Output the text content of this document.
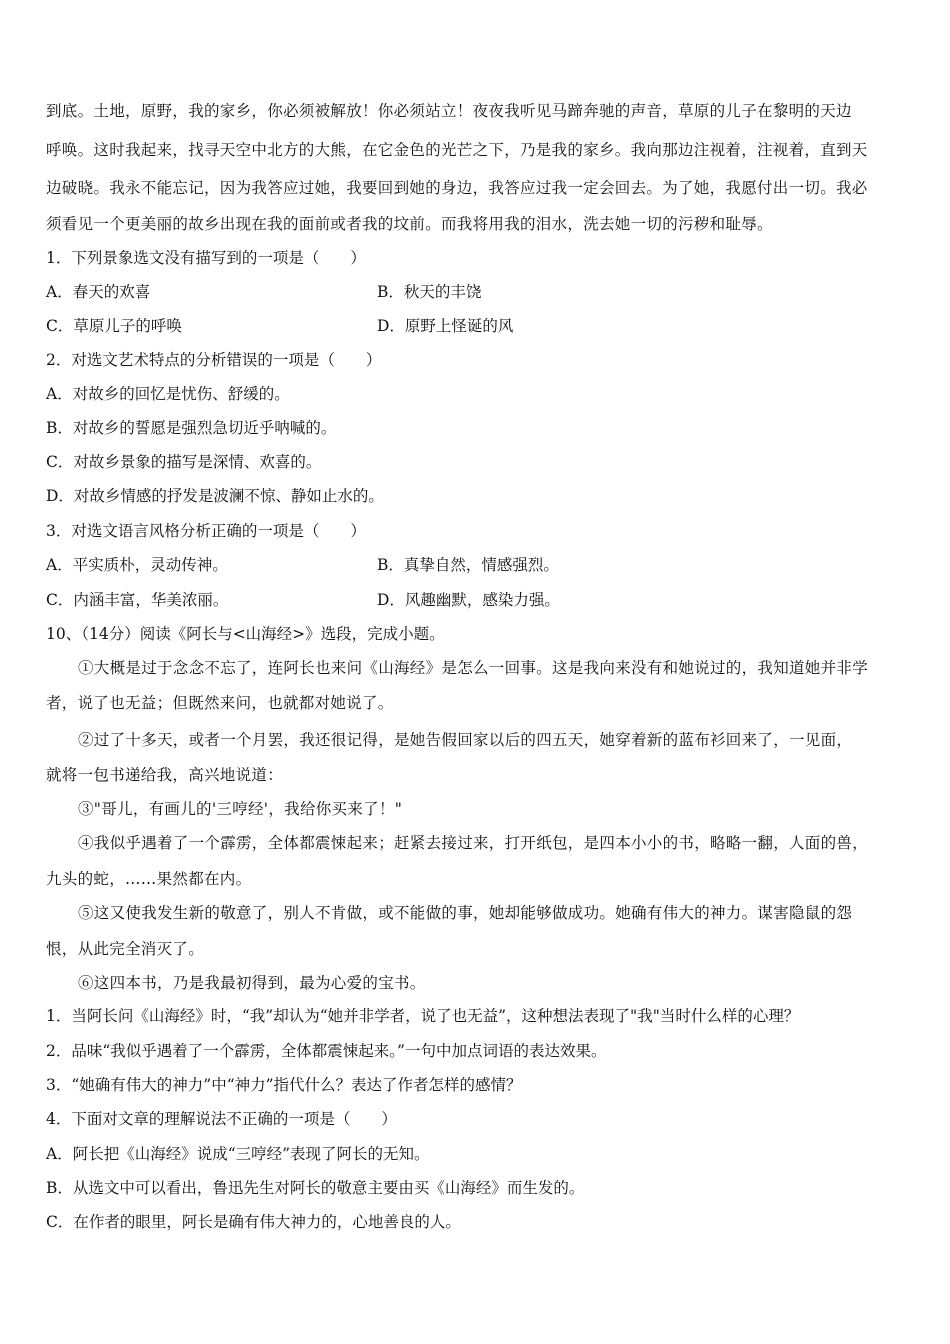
到底。土地，原野，我的家乡，你必须被解放！你必须站立！夜夜我听见马蹄奔驰的声音，草原的儿子在黎明的天边
呼唤。这时我起来，找寻天空中北方的大熊，在它金色的光芒之下，乃是我的家乡。我向那边注视着，注视着，直到天
边破晓。我永不能忘记，因为我答应过她，我要回到她的身边，我答应过我一定会回去。为了她，我愿付出一切。我必
须看见一个更美丽的故乡出现在我的面前或者我的坟前。而我将用我的泪水，洗去她一切的污秽和耻辱。
1．下列景象选文没有描写到的一项是（　　）
A．春天的欢喜	B．秋天的丰饶
C．草原儿子的呼唤	D．原野上怪诞的风
2．对选文艺术特点的分析错误的一项是（　　）
A．对故乡的回忆是忧伤、舒缓的。
B．对故乡的誓愿是强烈急切近乎呐喊的。
C．对故乡景象的描写是深情、欢喜的。
D．对故乡情感的抒发是波澜不惊、静如止水的。
3．对选文语言风格分析正确的一项是（　　）
A．平实质朴，灵动传神。	B．真挚自然，情感强烈。
C．内涵丰富，华美浓丽。	D．风趣幽默，感染力强。
10、（14分）阅读《阿长与<山海经>》选段，完成小题。
①大概是过于念念不忘了，连阿长也来问《山海经》是怎么一回事。这是我向来没有和她说过的，我知道她并非学
者，说了也无益；但既然来问，也就都对她说了。
②过了十多天，或者一个月罢，我还很记得，是她告假回家以后的四五天，她穿着新的蓝布衫回来了，一见面，
就将一包书递给我，高兴地说道：
③"哥儿，有画儿的'三哼经'，我给你买来了！"
④我似乎遇着了一个霹雳，全体都震悚起来；赶紧去接过来，打开纸包，是四本小小的书，略略一翻，人面的兽，
九头的蛇，……果然都在内。
⑤这又使我发生新的敬意了，别人不肯做，或不能做的事，她却能够做成功。她确有伟大的神力。谋害隐鼠的怨
恨，从此完全消灭了。
⑥这四本书，乃是我最初得到，最为心爱的宝书。
1．当阿长问《山海经》时，“我”却认为“她并非学者，说了也无益”，这种想法表现了"我"当时什么样的心理？
2．品味“我似乎遇着了一个霹雳，全体都震悚起来。”一句中加点词语的表达效果。
3．“她确有伟大的神力”中“神力”指代什么？表达了作者怎样的感情？
4．下面对文章的理解说法不正确的一项是（　　）
A．阿长把《山海经》说成“三哼经”表现了阿长的无知。
B．从选文中可以看出，鲁迅先生对阿长的敬意主要由买《山海经》而生发的。
C．在作者的眼里，阿长是确有伟大神力的，心地善良的人。
